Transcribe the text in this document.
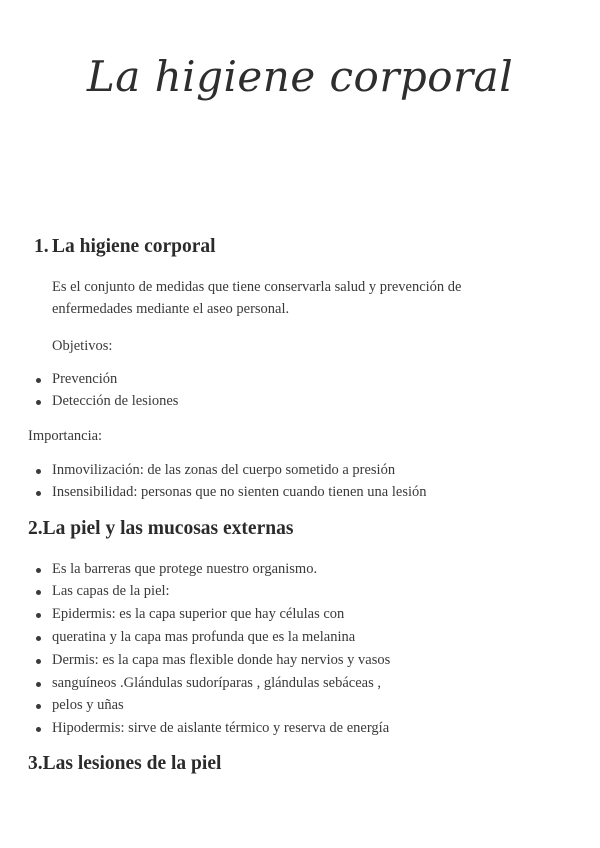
La higiene corporal
1. La higiene corporal
Es el conjunto de medidas que tiene conservarla salud y prevención de enfermedades mediante el aseo personal.
Objetivos:
Prevención
Detección de lesiones
Importancia:
Inmovilización: de las zonas del cuerpo sometido a presión
Insensibilidad: personas que no sienten cuando tienen una lesión
2.La piel y las mucosas externas
Es la barreras que protege nuestro organismo.
Las capas de la piel:
Epidermis: es la capa superior que hay células con
queratina y la capa mas profunda que es la melanina
Dermis: es la capa mas flexible donde hay nervios y vasos
sanguíneos .Glándulas sudoríparas , glándulas sebáceas ,
pelos y uñas
Hipodermis: sirve de aislante térmico y reserva de energía
3.Las lesiones de la piel
